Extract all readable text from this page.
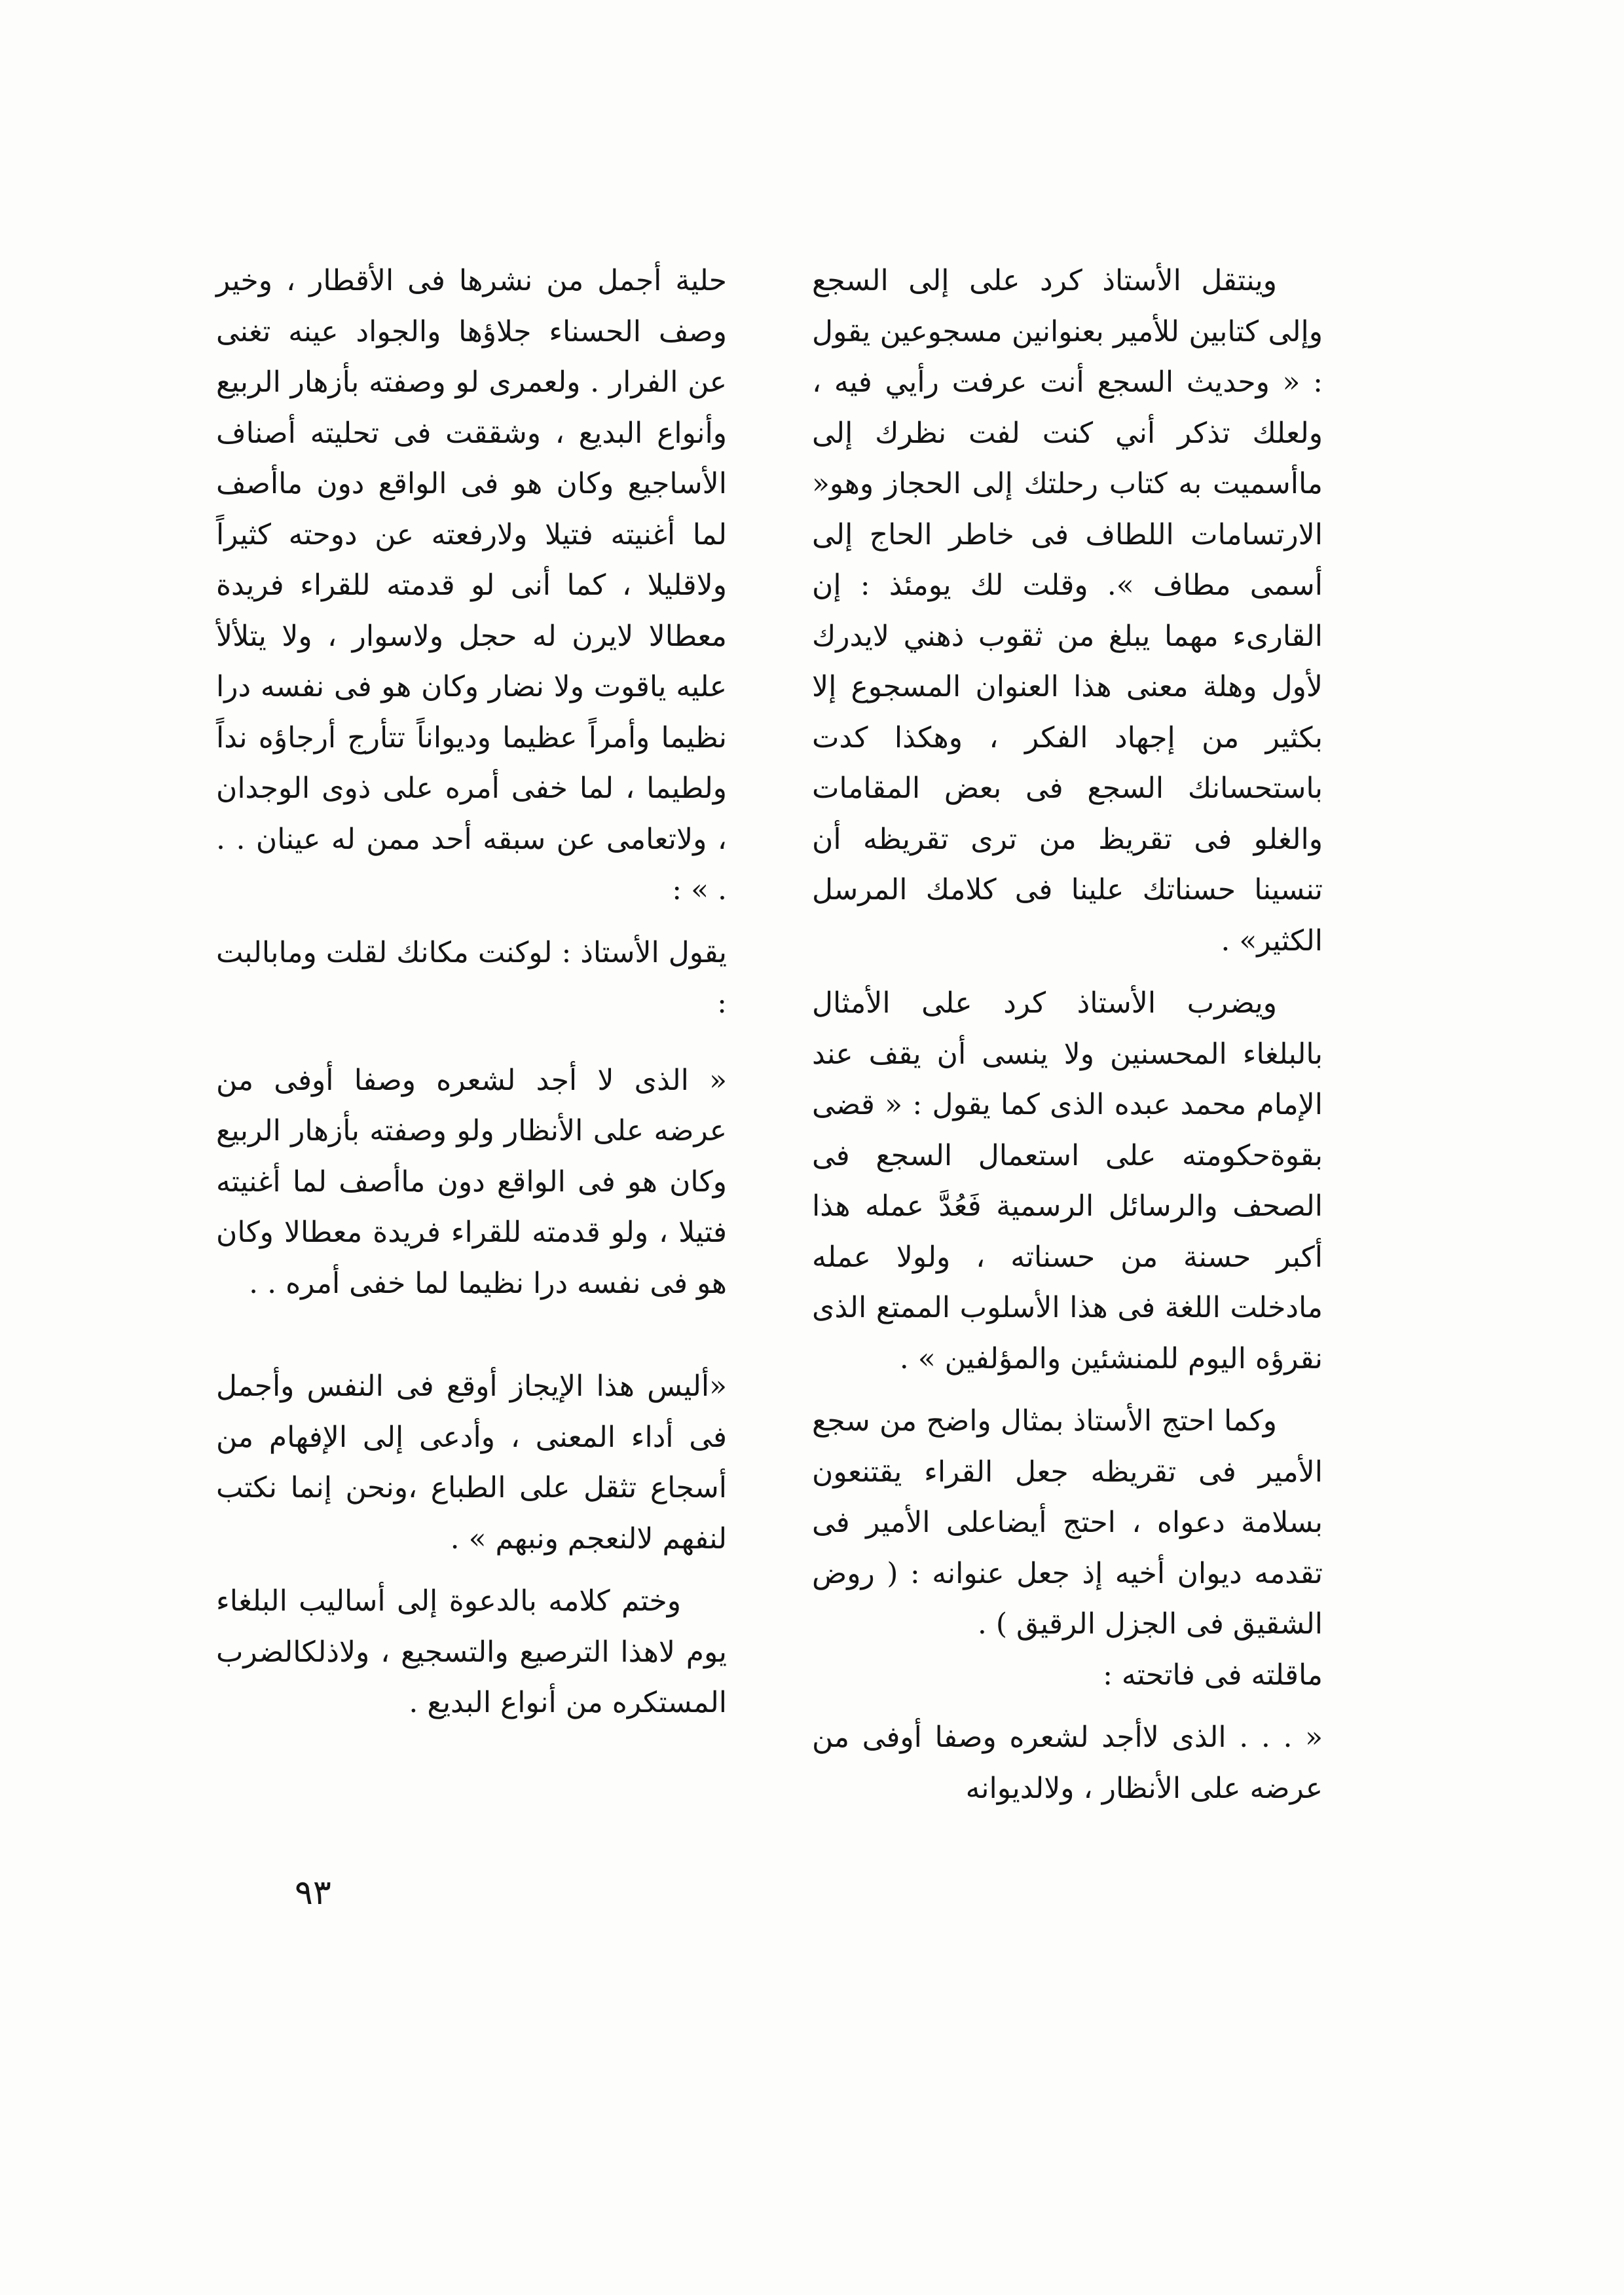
وينتقل الأستاذ كرد على إلى السجع وإلى كتابين للأمير بعنوانين مسجوعين يقول : « وحديث السجع أنت عرفت رأيي فيه ، ولعلك تذكر أني كنت لفت نظرك إلى ماأسميت به كتاب رحلتك إلى الحجاز وهو« الارتسامات اللطاف فى خاطر الحاج إلى أسمى مطاف ». وقلت لك يومئذ : إن القارىء مهما يبلغ من ثقوب ذهني لايدرك لأول وهلة معنى هذا العنوان المسجوع إلا بكثير من إجهاد الفكر ، وهكذا كدت باستحسانك السجع فى بعض المقامات والغلو فى تقريظ من ترى تقريظه أن تنسينا حسناتك علينا فى كلامك المرسل الكثير» .

ويضرب الأستاذ كرد على الأمثال بالبلغاء المحسنين ولا ينسى أن يقف عند الإمام محمد عبده الذى كما يقول : « قضى بقوةحكومته على استعمال السجع فى الصحف والرسائل الرسمية فَعُدَّ عمله هذا أكبر حسنة من حسناته ، ولولا عمله مادخلت اللغة فى هذا الأسلوب الممتع الذى نقرؤه اليوم للمنشئين والمؤلفين » .

وكما احتج الأستاذ بمثال واضح من سجع الأمير فى تقريظه جعل القراء يقتنعون بسلامة دعواه ، احتج أيضاعلى الأمير فى تقدمه ديوان أخيه إذ جعل عنوانه : ( روض الشقيق فى الجزل الرقيق ) .

ماقلته فى فاتحته :

« . . . الذى لاأجد لشعره وصفا أوفى من عرضه على الأنظار ، ولالديوانه

حلية أجمل من نشرها فى الأقطار ، وخير وصف الحسناء جلاؤها والجواد عينه تغنى عن الفرار . ولعمرى لو وصفته بأزهار الربيع وأنواع البديع ، وشققت فى تحليته أصناف الأساجيع وكان هو فى الواقع دون ماأصف لما أغنيته فتيلا ولارفعته عن دوحته كثيراً ولاقليلا ، كما أنى لو قدمته للقراء فريدة معطالا لايرن له حجل ولاسوار ، ولا يتلألأ عليه ياقوت ولا نضار وكان هو فى نفسه درا نظيما وأمراً عظيما وديواناً تتأرج أرجاؤه نداً ولطيما ، لما خفى أمره على ذوى الوجدان ، ولاتعامى عن سبقه أحد ممن له عينان . . . » :

يقول الأستاذ : لوكنت مكانك لقلت ومابالبت :

« الذى لا أجد لشعره وصفا أوفى من عرضه على الأنظار ولو وصفته بأزهار الربيع وكان هو فى الواقع دون ماأصف لما أغنيته فتيلا ، ولو قدمته للقراء فريدة معطالا وكان هو فى نفسه درا نظيما لما خفى أمره . .

«أليس هذا الإيجاز أوقع فى النفس وأجمل فى أداء المعنى ، وأدعى إلى الإفهام من أسجاع تثقل على الطباع ،ونحن إنما نكتب لنفهم لالنعجم ونبهم » .

وختم كلامه بالدعوة إلى أساليب البلغاء يوم لاهذا الترصيع والتسجيع ، ولاذلكالضرب المستكره من أنواع البديع .

٩٣
